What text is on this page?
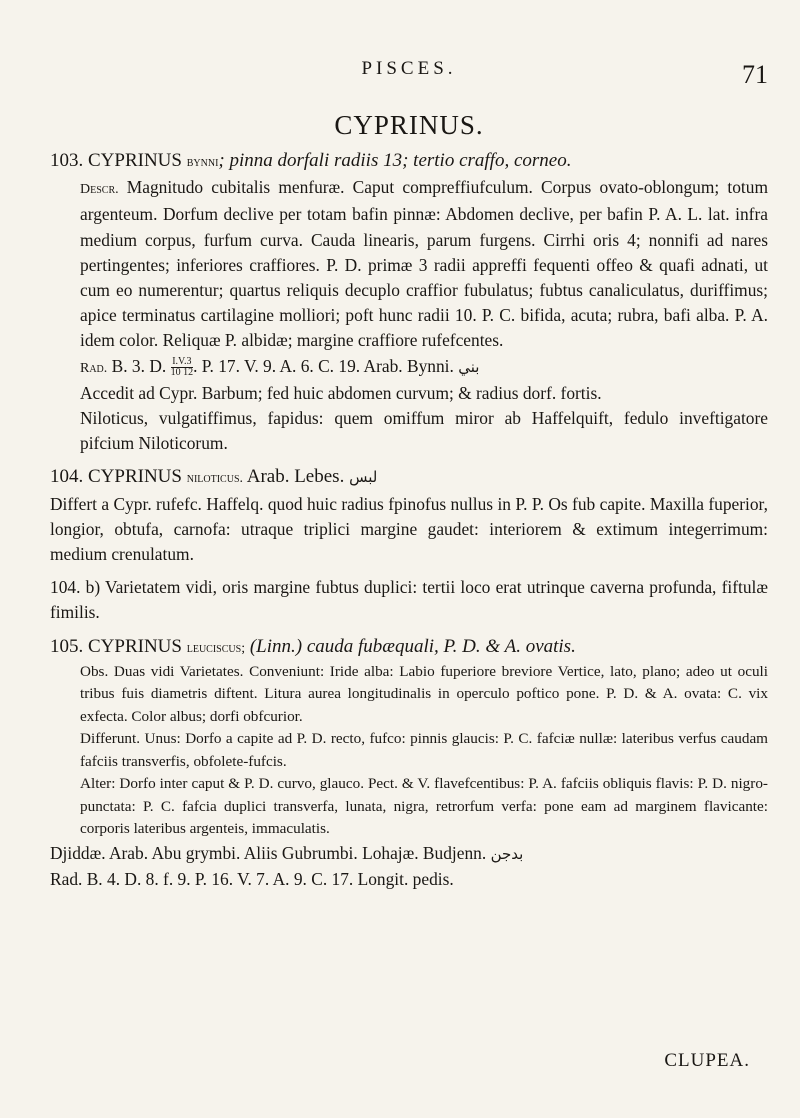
PISCES.	71
CYPRINUS.

103. CYPRINUS bynni; pinna dorfali radiis 13; tertio craffo, corneo.

Descr. Magnitudo cubitalis menfuræ. Caput compreffiufculum. Corpus ovato-oblongum; totum argenteum. Dorfum declive per totam bafin pinnæ: Abdomen declive, per bafin P. A. L. lat. infra medium corpus, furfum curva. Cauda linearis, parum furgens. Cirrhi oris 4; nonnifi ad nares pertingentes; inferiores craffiores. P. D. primæ 3 radii appreffi fequenti offeo & quafi adnati, ut cum eo numerentur; quartus reliquis decuplo craffior fubulatus; fubtus canaliculatus, duriffimus; apice terminatus cartilagine molliori; poft hunc radii 10. P. C. bifida, acuta; rubra, bafi alba. P. A. idem color. Reliquæ P. albidæ; margine craffiore rufefcentes.

Rad. B. 3. D. $\frac{I.V.3}{10 12}$ . P. 17. V. 9. A. 6. C. 19. Arab. Bynni. بني

Accedit ad Cypr. Barbum; fed huic abdomen curvum; & radius dorf. fortis.

Niloticus, vulgatiffimus, fapidus: quem omiffum miror ab Haffelquift, fedulo inveftigatore pifcium Niloticorum.

104. CYPRINUS niloticus. Arab. Lebes. لبس

Differt a Cypr. rufefc. Haffelq. quod huic radius fpinofus nullus in P. P. Os fub capite. Maxilla fuperior, longior, obtufa, carnofa: utraque triplici margine gaudet: interiorem & extimum integerrimum: medium crenulatum.

104. b) Varietatem vidi, oris margine fubtus duplici: tertii loco erat utrinque caverna profunda, fiftulæ fimilis.

105. CYPRINUS leuciscus; (Linn.) cauda fubæquali, P. D. & A. ovatis.

Obs. Duas vidi Varietates. Conveniunt: Iride alba: Labio fuperiore breviore Vertice, lato, plano; adeo ut oculi tribus fuis diametris diftent. Litura aurea longitudinalis in operculo poftico pone. P. D. & A. ovata: C. vix exfecta. Color albus; dorfi obfcurior.

Differunt. Unus: Dorfo a capite ad P. D. recto, fufco: pinnis glaucis: P. C. fafciæ nullæ: lateribus verfus caudam fafciis transverfis, obfolete-fufcis.

Alter: Dorfo inter caput & P. D. curvo, glauco. Pect. & V. flavefcentibus: P. A. fafciis obliquis flavis: P. D. nigro-punctata: P. C. fafcia duplici transverfa, lunata, nigra, retrorfum verfa: pone eam ad marginem flavicante: corporis lateribus argenteis, immaculatis.

Djiddæ. Arab. Abu grymbi. Aliis Gubrumbi. Lohajæ. Budjenn. بدجن

Rad. B. 4. D. 8. f. 9. P. 16. V. 7. A. 9. C. 17. Longit. pedis.

CLUPEA.
